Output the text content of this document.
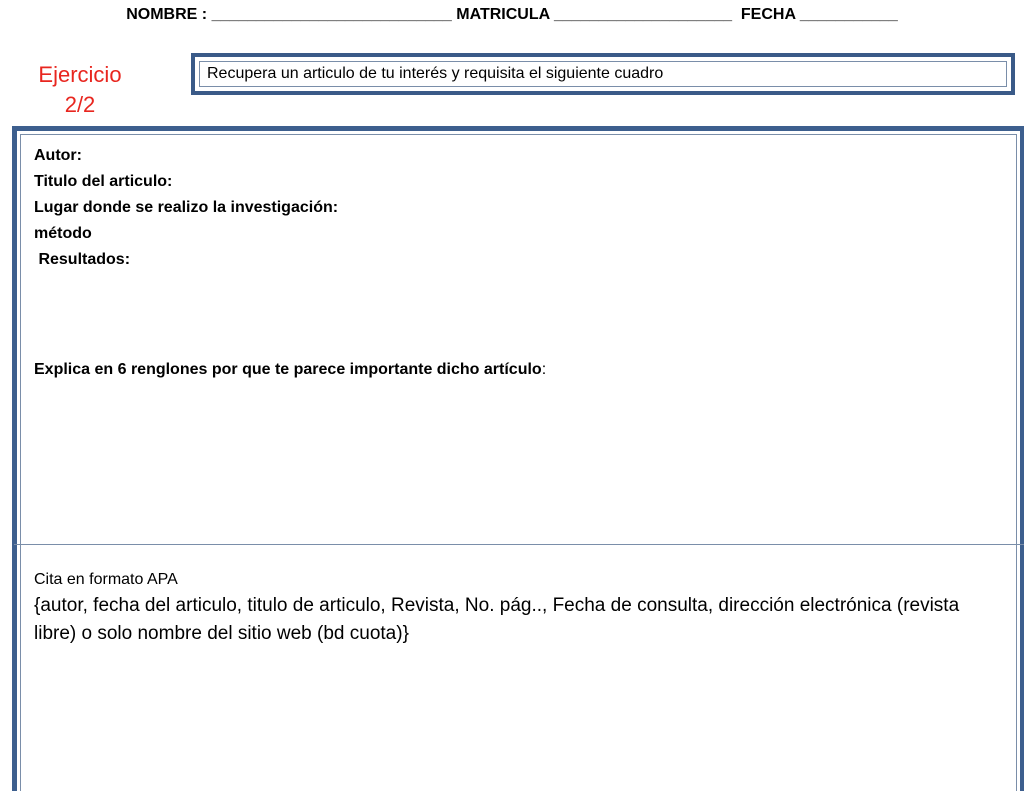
NOMBRE : ___________________________ MATRICULA ____________________ FECHA ___________
Ejercicio
2/2
Recupera un articulo de tu interés y requisita el siguiente cuadro
Autor:
Titulo del articulo:
Lugar donde se realizo la investigación:
método
Resultados:
Explica en 6 renglones por que te parece importante dicho artículo:
Cita en formato APA
{autor, fecha del articulo, titulo de articulo, Revista, No. pág.., Fecha de consulta, dirección electrónica (revista libre) o solo nombre del sitio web (bd cuota)}
